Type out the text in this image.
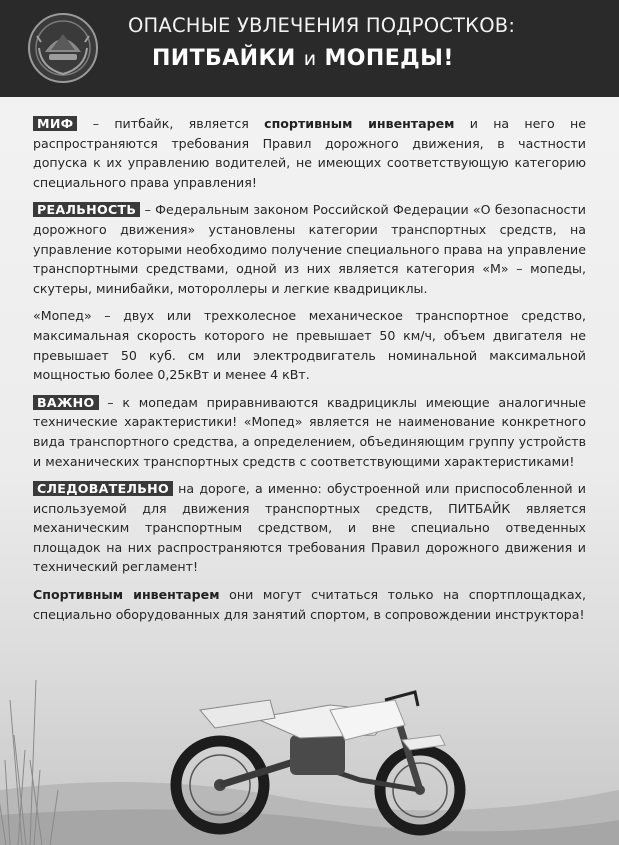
ОПАСНЫЕ УВЛЕЧЕНИЯ ПОДРОСТКОВ:
ПИТБАЙКИ и МОПЕДЫ!

МИФ – питбайк, является спортивным инвентарем и на него не распространяются требования Правил дорожного движения, в частности допуска к их управлению водителей, не имеющих соответствующую категорию специального права управления!

РЕАЛЬНОСТЬ – Федеральным законом Российской Федерации «О безопасности дорожного движения» установлены категории транспортных средств, на управление которыми необходимо получение специального права на управление транспортными средствами, одной из них является категория «М» – мопеды, скутеры, минибайки, мотороллеры и легкие квадрициклы.

«Мопед» – двух или трехколесное механическое транспортное средство, максимальная скорость которого не превышает 50 км/ч, объем двигателя не превышает 50 куб. см или электродвигатель номинальной максимальной мощностью более 0,25кВт и менее 4 кВт.

ВАЖНО – к мопедам приравниваются квадрициклы имеющие аналогичные технические характеристики! «Мопед» является не наименование конкретного вида транспортного средства, а определением, объединяющим группу устройств и механических транспортных средств с соответствующими характеристиками!

СЛЕДОВАТЕЛЬНО на дороге, а именно: обустроенной или приспособленной и используемой для движения транспортных средств, ПИТБАЙК является механическим транспортным средством, и вне специально отведенных площадок на них распространяются требования Правил дорожного движения и технический регламент!

Спортивным инвентарем они могут считаться только на спортплощадках, специально оборудованных для занятий спортом, в сопровождении инструктора!
